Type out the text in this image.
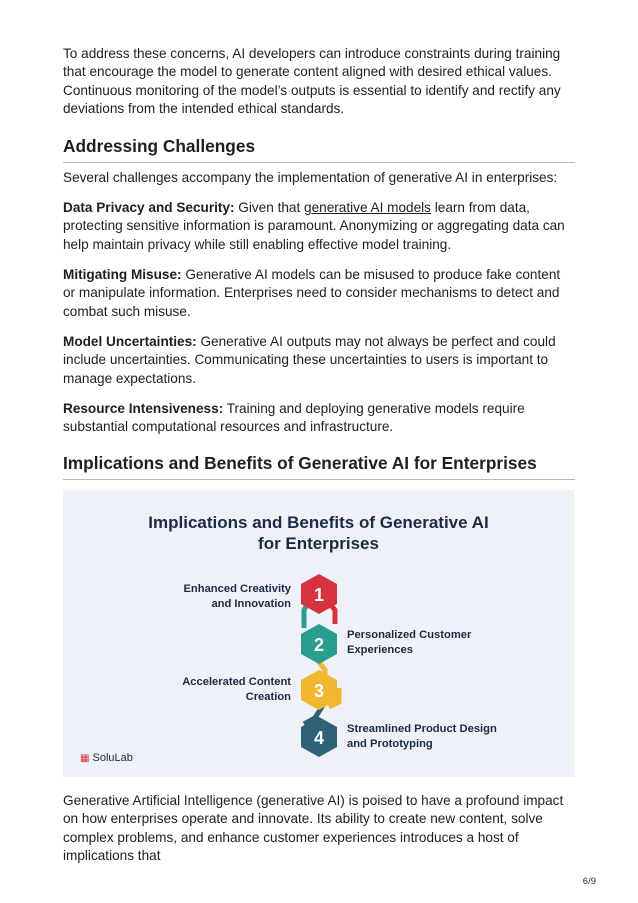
To address these concerns, AI developers can introduce constraints during training that encourage the model to generate content aligned with desired ethical values. Continuous monitoring of the model’s outputs is essential to identify and rectify any deviations from the intended ethical standards.

Addressing Challenges

Several challenges accompany the implementation of generative AI in enterprises:

Data Privacy and Security: Given that generative AI models learn from data, protecting sensitive information is paramount. Anonymizing or aggregating data can help maintain privacy while still enabling effective model training.

Mitigating Misuse: Generative AI models can be misused to produce fake content or manipulate information. Enterprises need to consider mechanisms to detect and combat such misuse.

Model Uncertainties: Generative AI outputs may not always be perfect and could include uncertainties. Communicating these uncertainties to users is important to manage expectations.

Resource Intensiveness: Training and deploying generative models require substantial computational resources and infrastructure.

Implications and Benefits of Generative AI for Enterprises

Generative Artificial Intelligence (generative AI) is poised to have a profound impact on how enterprises operate and innovate. Its ability to create new content, solve complex problems, and enhance customer experiences introduces a host of implications that

Implications and Benefits of Generative AI
for Enterprises
1
2
3
4
Enhanced Creativity
and Innovation
Personalized Customer
Experiences
Accelerated Content
Creation
Streamlined Product Design
and Prototyping
▦ SoluLab
6/9
